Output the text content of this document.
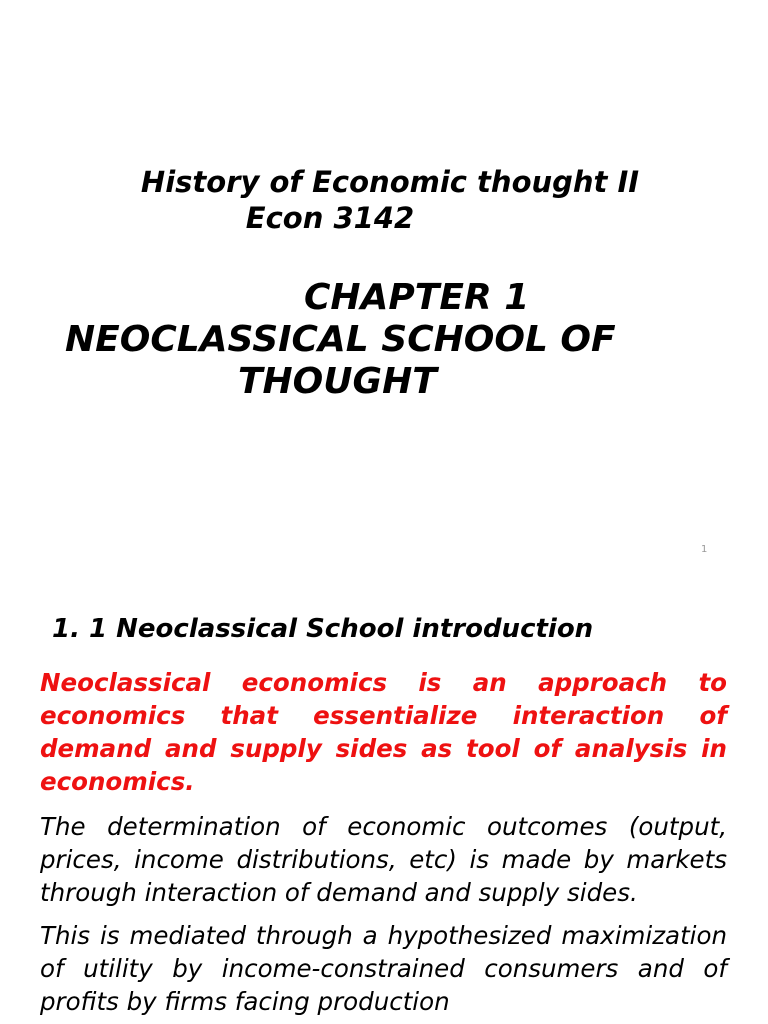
History of Economic thought II
Econ 3142
CHAPTER 1
NEOCLASSICAL SCHOOL OF
THOUGHT
1
1. 1 Neoclassical School introduction

Neoclassical economics is an approach to economics that essentialize interaction of demand and supply sides as tool of analysis in economics.

The determination of economic outcomes (output, prices, income distributions, etc) is made by markets through interaction of demand and supply sides.

This is mediated through a hypothesized maximization of utility by income-constrained consumers and of profits by firms facing production
